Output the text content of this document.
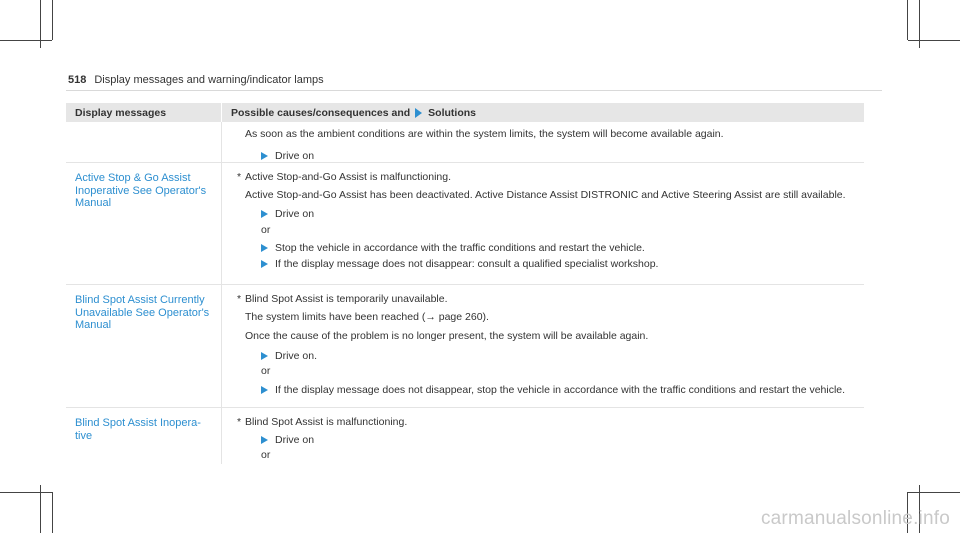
518 Display messages and warning/indicator lamps
Display messages	Possible causes/consequences and Solutions
As soon as the ambient conditions are within the system limits, the system will become available again.
Drive on
Active Stop & Go Assist Inoperative See Operator's Manual
* Active Stop-and-Go Assist is malfunctioning.
Active Stop-and-Go Assist has been deactivated. Active Distance Assist DISTRONIC and Active Steering Assist are still available.
Drive on
or
Stop the vehicle in accordance with the traffic conditions and restart the vehicle.
If the display message does not disappear: consult a qualified specialist workshop.
Blind Spot Assist Currently Unavailable See Operator's Manual
* Blind Spot Assist is temporarily unavailable.
The system limits have been reached (→ page 260).
Once the cause of the problem is no longer present, the system will be available again.
Drive on.
or
If the display message does not disappear, stop the vehicle in accordance with the traffic conditions and restart the vehicle.
Blind Spot Assist Inopera-tive
* Blind Spot Assist is malfunctioning.
Drive on
or
carmanualsonline.info
